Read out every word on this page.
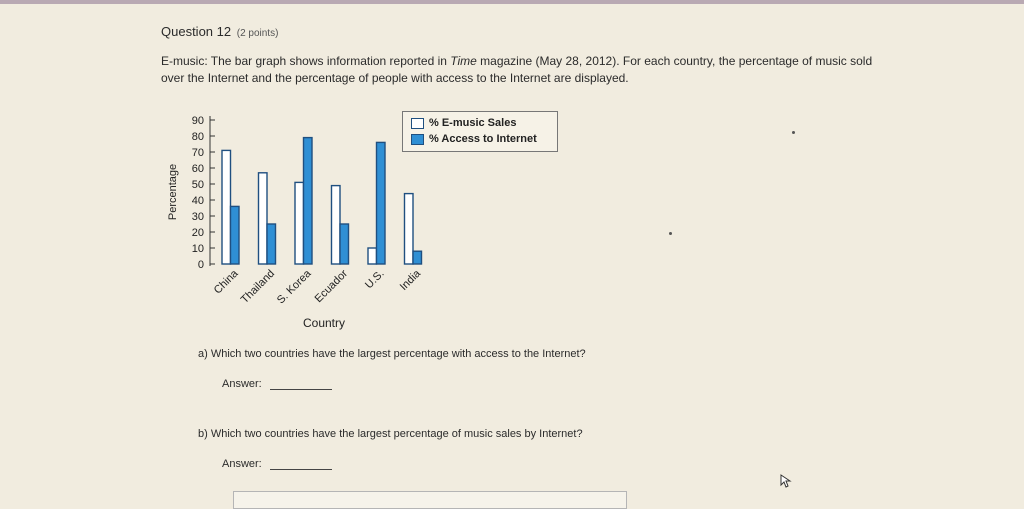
Question 12 (2 points)
E-music: The bar graph shows information reported in Time magazine (May 28, 2012). For each country, the percentage of music sold over the Internet and the percentage of people with access to the Internet are displayed.
0
10
20
30
40
50
60
70
80
90
Percentage
China
Thailand
S. Korea Ecuador U.S. India
Country
% E-music Sales
% Access to Internet
a) Which two countries have the largest percentage with access to the Internet?
Answer:
b) Which two countries have the largest percentage of music sales by Internet?
Answer:
